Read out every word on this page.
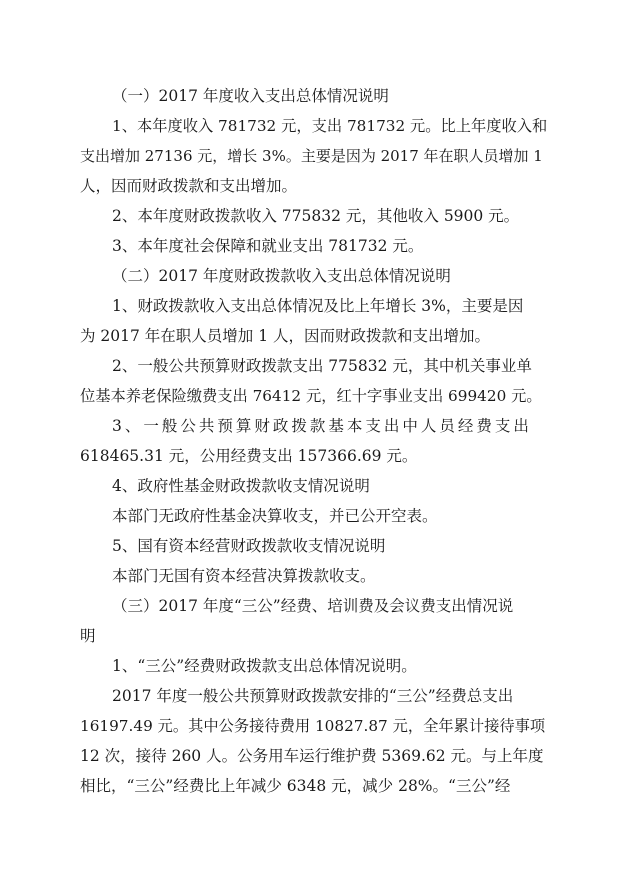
（一）2017 年度收入支出总体情况说明

1、本年度收入 781732 元，支出 781732 元。比上年度收入和

支出增加 27136 元，增长 3%。主要是因为 2017 年在职人员增加 1

人，因而财政拨款和支出增加。

2、本年度财政拨款收入 775832 元，其他收入 5900 元。

3、本年度社会保障和就业支出 781732 元。

（二）2017 年度财政拨款收入支出总体情况说明

1、财政拨款收入支出总体情况及比上年增长 3%，主要是因

为 2017 年在职人员增加 1 人，因而财政拨款和支出增加。

2、一般公共预算财政拨款支出 775832 元，其中机关事业单

位基本养老保险缴费支出 76412 元，红十字事业支出 699420 元。

3、一般公共预算财政拨款基本支出中人员经费支出

618465.31 元，公用经费支出 157366.69 元。

4、政府性基金财政拨款收支情况说明

本部门无政府性基金决算收支，并已公开空表。

5、国有资本经营财政拨款收支情况说明

本部门无国有资本经营决算拨款收支。

（三）2017 年度“三公”经费、培训费及会议费支出情况说

明

1、“三公”经费财政拨款支出总体情况说明。

2017 年度一般公共预算财政拨款安排的“三公”经费总支出

16197.49 元。其中公务接待费用 10827.87 元，全年累计接待事项

12 次，接待 260 人。公务用车运行维护费 5369.62 元。与上年度

相比，“三公”经费比上年减少 6348 元，减少 28%。“三公”经
